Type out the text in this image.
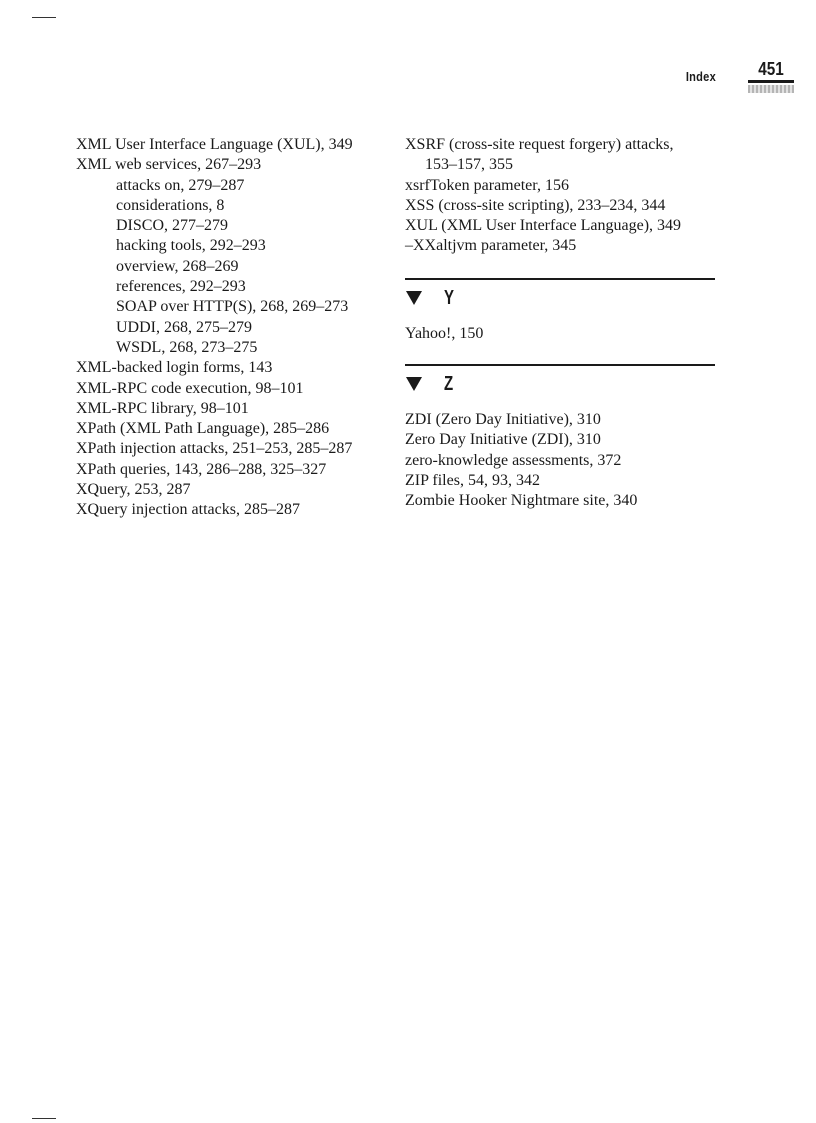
Index	451
XML User Interface Language (XUL), 349
XML web services, 267–293
attacks on, 279–287
considerations, 8
DISCO, 277–279
hacking tools, 292–293
overview, 268–269
references, 292–293
SOAP over HTTP(S), 268, 269–273
UDDI, 268, 275–279
WSDL, 268, 273–275
XML-backed login forms, 143
XML-RPC code execution, 98–101
XML-RPC library, 98–101
XPath (XML Path Language), 285–286
XPath injection attacks, 251–253, 285–287
XPath queries, 143, 286–288, 325–327
XQuery, 253, 287
XQuery injection attacks, 285–287
XSRF (cross-site request forgery) attacks,
153–157, 355
xsrfToken parameter, 156
XSS (cross-site scripting), 233–234, 344
XUL (XML User Interface Language), 349
–XXaltjvm parameter, 345
Y
Yahoo!, 150
Z
ZDI (Zero Day Initiative), 310
Zero Day Initiative (ZDI), 310
zero-knowledge assessments, 372
ZIP files, 54, 93, 342
Zombie Hooker Nightmare site, 340
